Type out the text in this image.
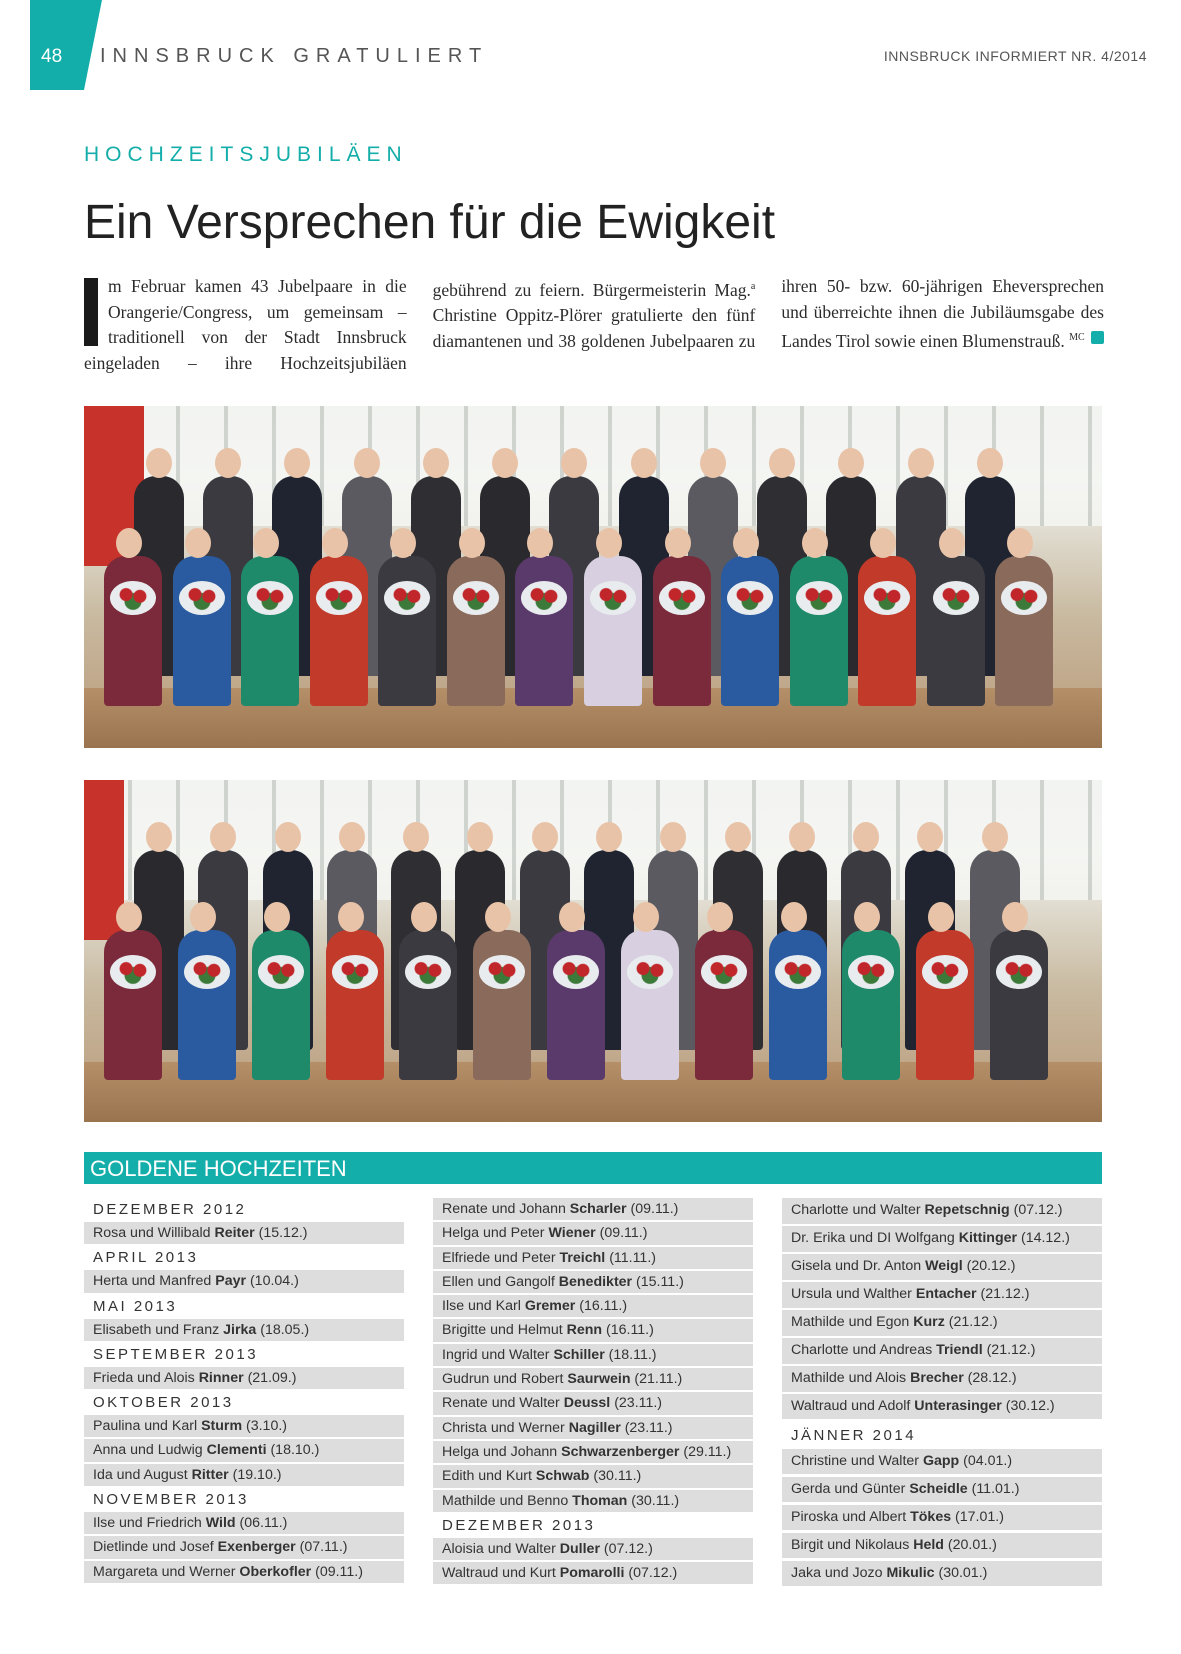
48 INNSBRUCK GRATULIERT	INNSBRUCK INFORMIERT NR. 4/2014
HOCHZEITSJUBILÄEN
Ein Versprechen für die Ewigkeit
m Februar kamen 43 Jubelpaare in die Orangerie/Congress, um gemeinsam – traditionell von der Stadt Innsbruck eingeladen – ihre Hochzeitsjubiläen gebührend zu feiern. Bürgermeisterin Mag.$^a$ Christine Oppitz-Plörer gratulierte den fünf diamantenen und 38 goldenen Jubelpaaren zu ihren 50- bzw. 60-jährigen Eheversprechen und überreichte ihnen die Jubiläumsgabe des Landes Tirol sowie einen Blumenstrauß. $^{MC}$
GOLDENE HOCHZEITEN
DEZEMBER 2012
Rosa und Willibald Reiter (15.12.)
APRIL 2013
Herta und Manfred Payr (10.04.)
MAI 2013
Elisabeth und Franz Jirka (18.05.)
SEPTEMBER 2013
Frieda und Alois Rinner (21.09.)
OKTOBER 2013
Paulina und Karl Sturm (3.10.)
Anna und Ludwig Clementi (18.10.)
Ida und August Ritter (19.10.)
NOVEMBER 2013
Ilse und Friedrich Wild (06.11.)
Dietlinde und Josef Exenberger (07.11.)
Margareta und Werner Oberkofler (09.11.)
Renate und Johann Scharler (09.11.)
Helga und Peter Wiener (09.11.)
Elfriede und Peter Treichl (11.11.)
Ellen und Gangolf Benedikter (15.11.)
Ilse und Karl Gremer (16.11.)
Brigitte und Helmut Renn (16.11.)
Ingrid und Walter Schiller (18.11.)
Gudrun und Robert Saurwein (21.11.)
Renate und Walter Deussl (23.11.)
Christa und Werner Nagiller (23.11.)
Helga und Johann Schwarzenberger (29.11.)
Edith und Kurt Schwab (30.11.)
Mathilde und Benno Thoman (30.11.)
DEZEMBER 2013
Aloisia und Walter Duller (07.12.)
Waltraud und Kurt Pomarolli (07.12.)
Charlotte und Walter Repetschnig (07.12.)
Dr. Erika und DI Wolfgang Kittinger (14.12.)
Gisela und Dr. Anton Weigl (20.12.)
Ursula und Walther Entacher (21.12.)
Mathilde und Egon Kurz (21.12.)
Charlotte und Andreas Triendl (21.12.)
Mathilde und Alois Brecher (28.12.)
Waltraud und Adolf Unterasinger (30.12.)
JÄNNER 2014
Christine und Walter Gapp (04.01.)
Gerda und Günter Scheidle (11.01.)
Piroska und Albert Tökes (17.01.)
Birgit und Nikolaus Held (20.01.)
Jaka und Jozo Mikulic (30.01.)
